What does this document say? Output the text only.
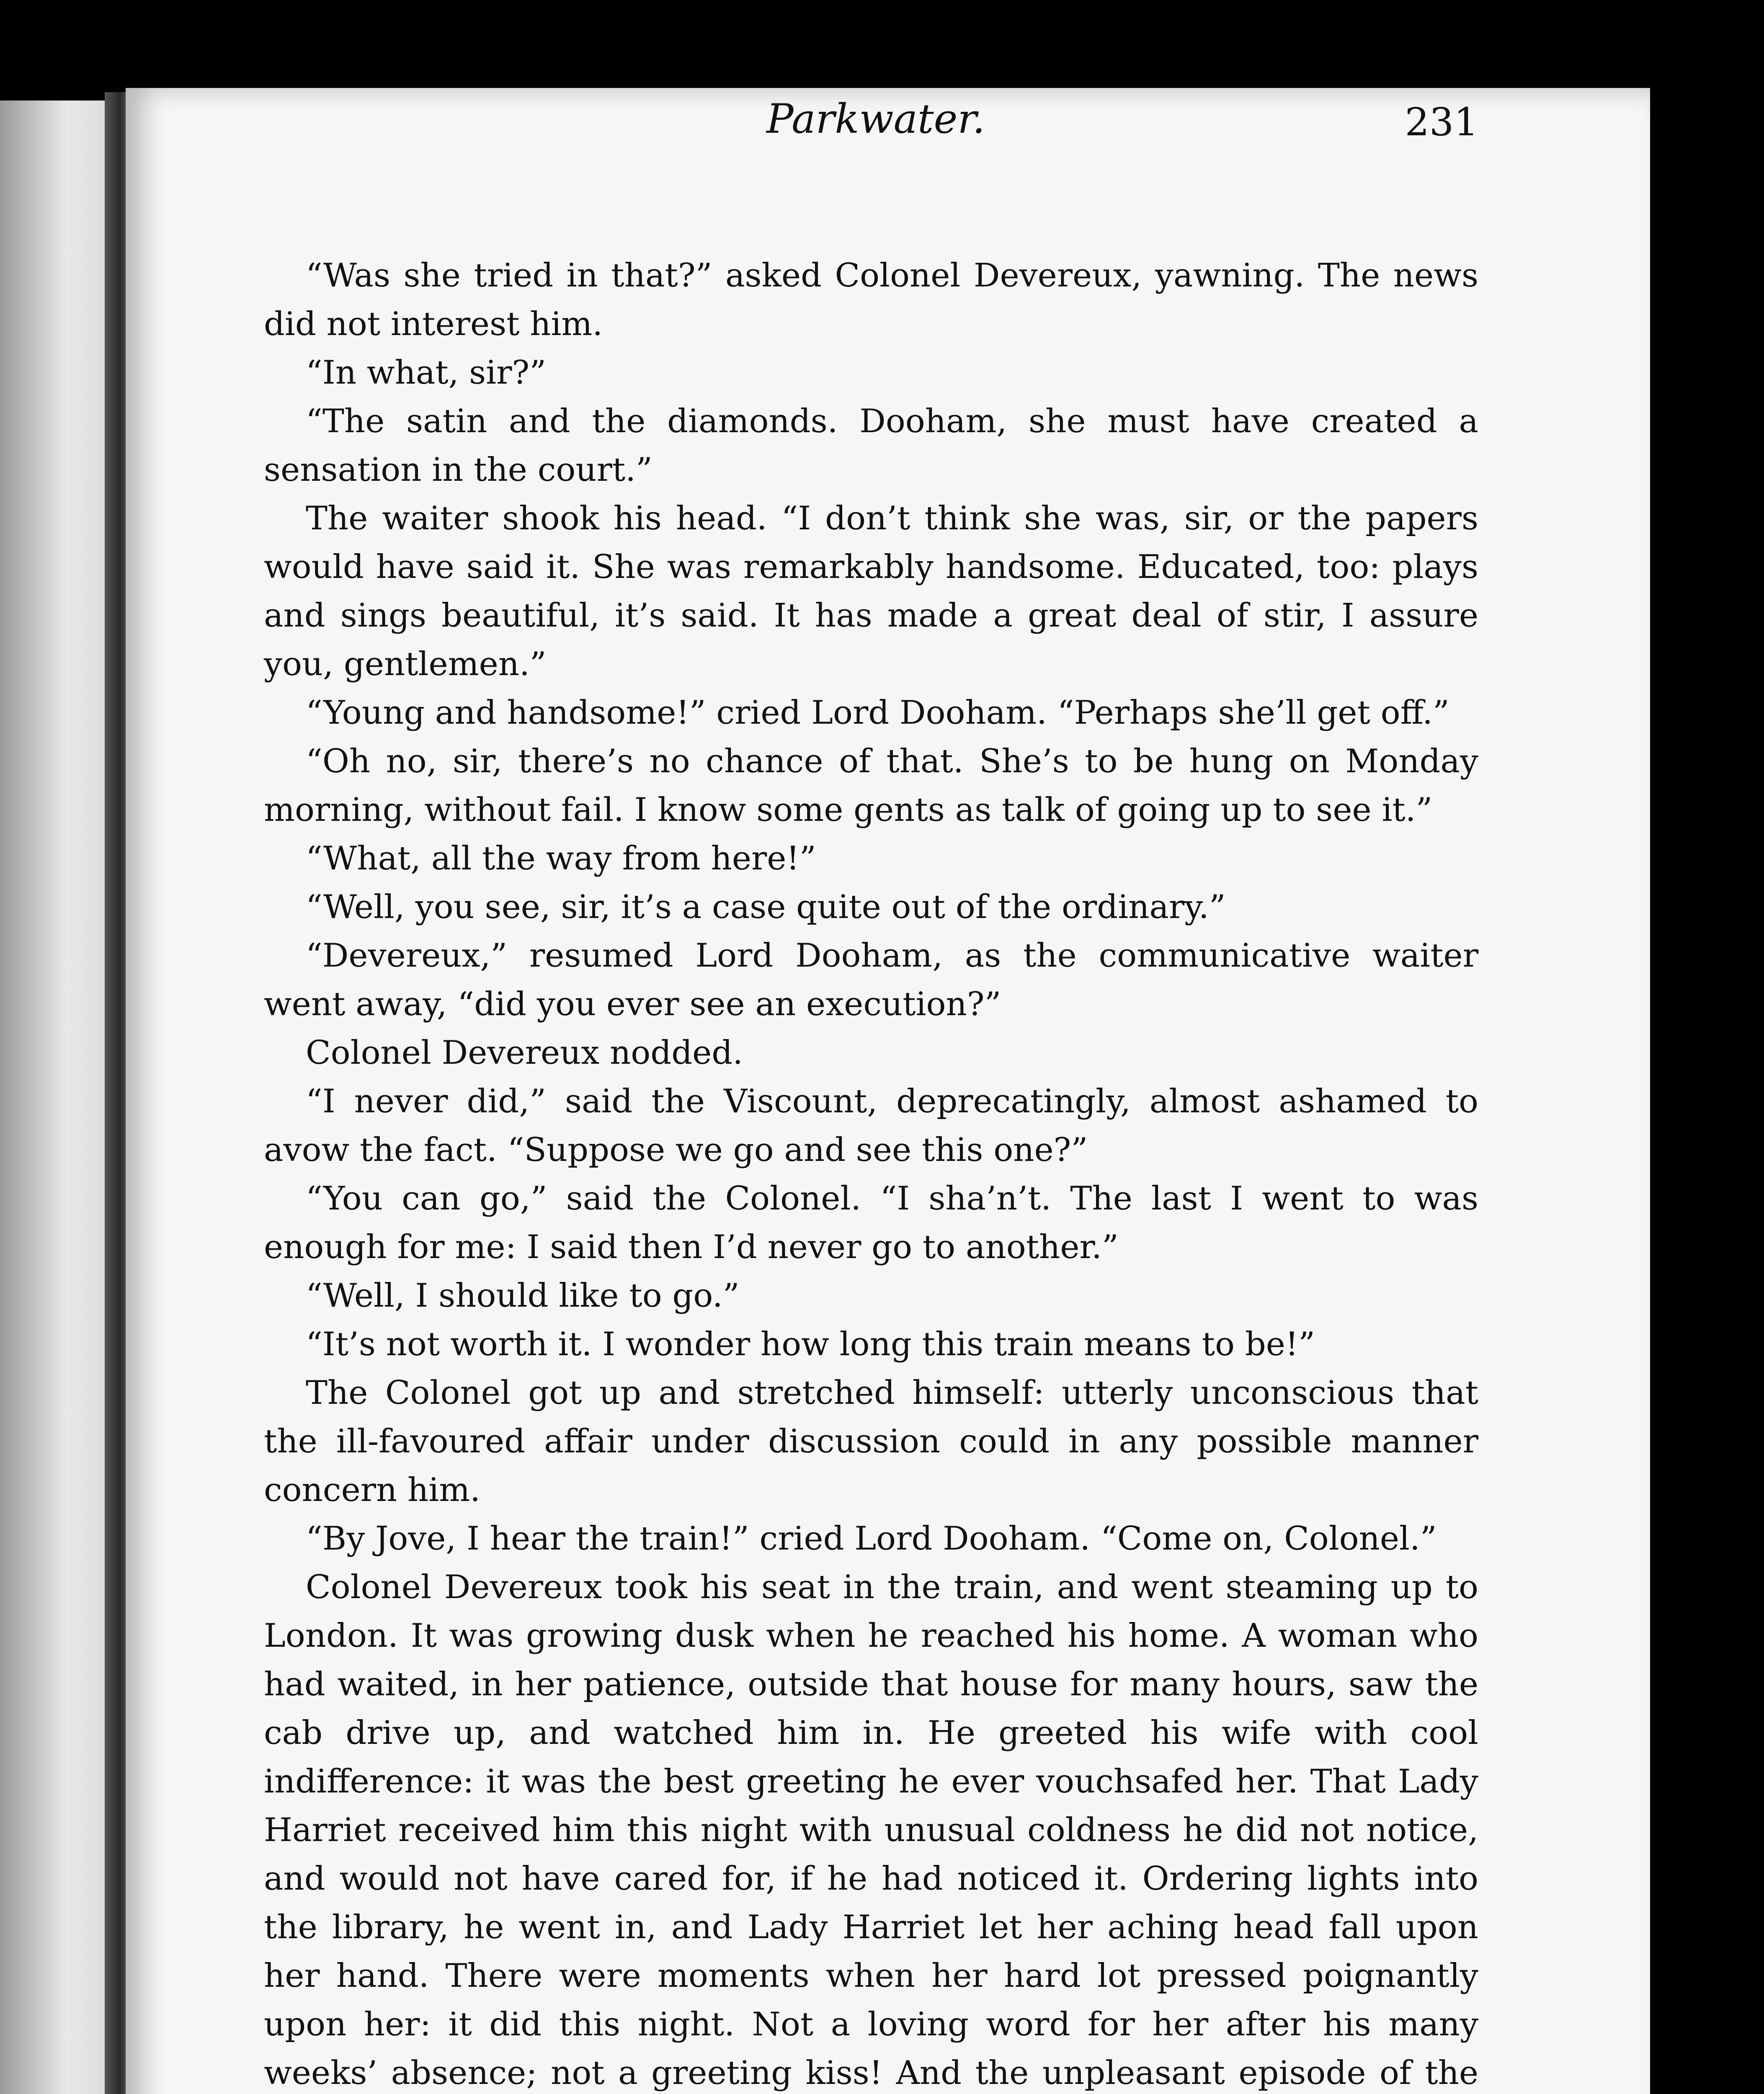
Parkwater.	231

“Was she tried in that?” asked Colonel Devereux, yawning. The news did not interest him.

“In what, sir?”

“The satin and the diamonds. Dooham, she must have created a sensation in the court.”

The waiter shook his head. “I don’t think she was, sir, or the papers would have said it. She was remarkably handsome. Educated, too: plays and sings beautiful, it’s said. It has made a great deal of stir, I assure you, gentlemen.”

“Young and handsome!” cried Lord Dooham. “Perhaps she’ll get off.”

“Oh no, sir, there’s no chance of that. She’s to be hung on Monday morning, without fail. I know some gents as talk of going up to see it.”

“What, all the way from here!”

“Well, you see, sir, it’s a case quite out of the ordinary.”

“Devereux,” resumed Lord Dooham, as the communicative waiter went away, “did you ever see an execution?”

Colonel Devereux nodded.

“I never did,” said the Viscount, deprecatingly, almost ashamed to avow the fact. “Suppose we go and see this one?”

“You can go,” said the Colonel. “I sha’n’t. The last I went to was enough for me: I said then I’d never go to another.”

“Well, I should like to go.”

“It’s not worth it. I wonder how long this train means to be!”

The Colonel got up and stretched himself: utterly unconscious that the ill-favoured affair under discussion could in any possible manner concern him.

“By Jove, I hear the train!” cried Lord Dooham. “Come on, Colonel.”

Colonel Devereux took his seat in the train, and went steaming up to London. It was growing dusk when he reached his home. A woman who had waited, in her patience, outside that house for many hours, saw the cab drive up, and watched him in. He greeted his wife with cool indifference: it was the best greeting he ever vouchsafed her. That Lady Harriet received him this night with unusual coldness he did not notice, and would not have cared for, if he had noticed it. Ordering lights into the library, he went in, and Lady Harriet let her aching head fall upon her hand. There were moments when her hard lot pressed poignantly upon her: it did this night. Not a loving word for her after his many weeks’ absence; not a greeting kiss! And the unpleasant episode of the
